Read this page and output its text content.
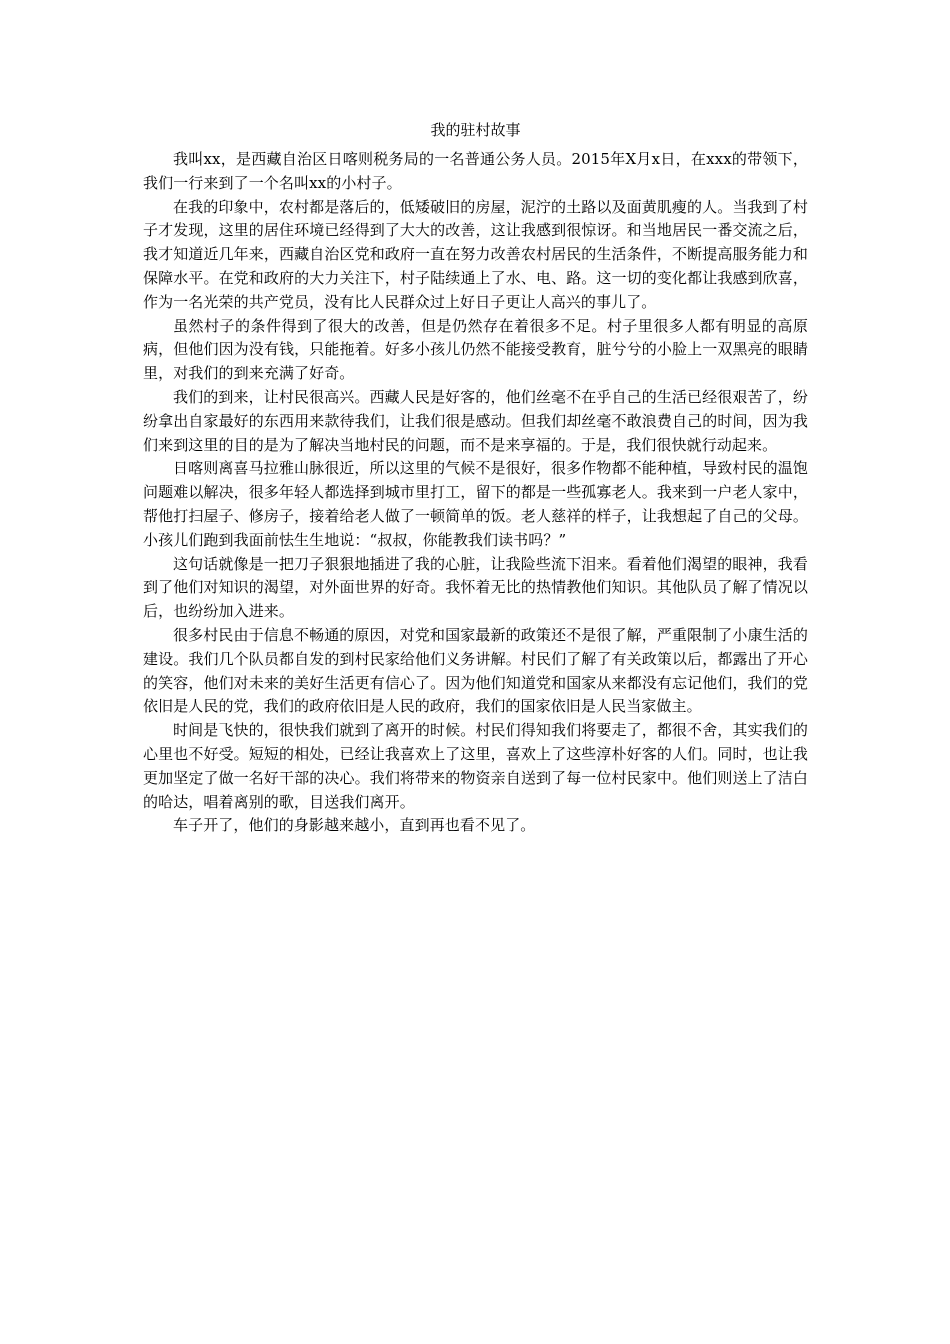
我的驻村故事

我叫xx，是西藏自治区日喀则税务局的一名普通公务人员。2015年X月x日，在xxx的带领下，我们一行来到了一个名叫xx的小村子。

在我的印象中，农村都是落后的，低矮破旧的房屋，泥泞的土路以及面黄肌瘦的人。当我到了村子才发现，这里的居住环境已经得到了大大的改善，这让我感到很惊讶。和当地居民一番交流之后，我才知道近几年来，西藏自治区党和政府一直在努力改善农村居民的生活条件，不断提高服务能力和保障水平。在党和政府的大力关注下，村子陆续通上了水、电、路。这一切的变化都让我感到欣喜，作为一名光荣的共产党员，没有比人民群众过上好日子更让人高兴的事儿了。

虽然村子的条件得到了很大的改善，但是仍然存在着很多不足。村子里很多人都有明显的高原病，但他们因为没有钱，只能拖着。好多小孩儿仍然不能接受教育，脏兮兮的小脸上一双黑亮的眼睛里，对我们的到来充满了好奇。

我们的到来，让村民很高兴。西藏人民是好客的，他们丝毫不在乎自己的生活已经很艰苦了，纷纷拿出自家最好的东西用来款待我们，让我们很是感动。但我们却丝毫不敢浪费自己的时间，因为我们来到这里的目的是为了解决当地村民的问题，而不是来享福的。于是，我们很快就行动起来。

日喀则离喜马拉雅山脉很近，所以这里的气候不是很好，很多作物都不能种植，导致村民的温饱问题难以解决，很多年轻人都选择到城市里打工，留下的都是一些孤寡老人。我来到一户老人家中，帮他打扫屋子、修房子，接着给老人做了一顿简单的饭。老人慈祥的样子，让我想起了自己的父母。小孩儿们跑到我面前怯生生地说：“叔叔，你能教我们读书吗？”

这句话就像是一把刀子狠狠地插进了我的心脏，让我险些流下泪来。看着他们渴望的眼神，我看到了他们对知识的渴望，对外面世界的好奇。我怀着无比的热情教他们知识。其他队员了解了情况以后，也纷纷加入进来。

很多村民由于信息不畅通的原因，对党和国家最新的政策还不是很了解，严重限制了小康生活的建设。我们几个队员都自发的到村民家给他们义务讲解。村民们了解了有关政策以后，都露出了开心的笑容，他们对未来的美好生活更有信心了。因为他们知道党和国家从来都没有忘记他们，我们的党依旧是人民的党，我们的政府依旧是人民的政府，我们的国家依旧是人民当家做主。

时间是飞快的，很快我们就到了离开的时候。村民们得知我们将要走了，都很不舍，其实我们的心里也不好受。短短的相处，已经让我喜欢上了这里，喜欢上了这些淳朴好客的人们。同时，也让我更加坚定了做一名好干部的决心。我们将带来的物资亲自送到了每一位村民家中。他们则送上了洁白的哈达，唱着离别的歌，目送我们离开。

车子开了，他们的身影越来越小，直到再也看不见了。
